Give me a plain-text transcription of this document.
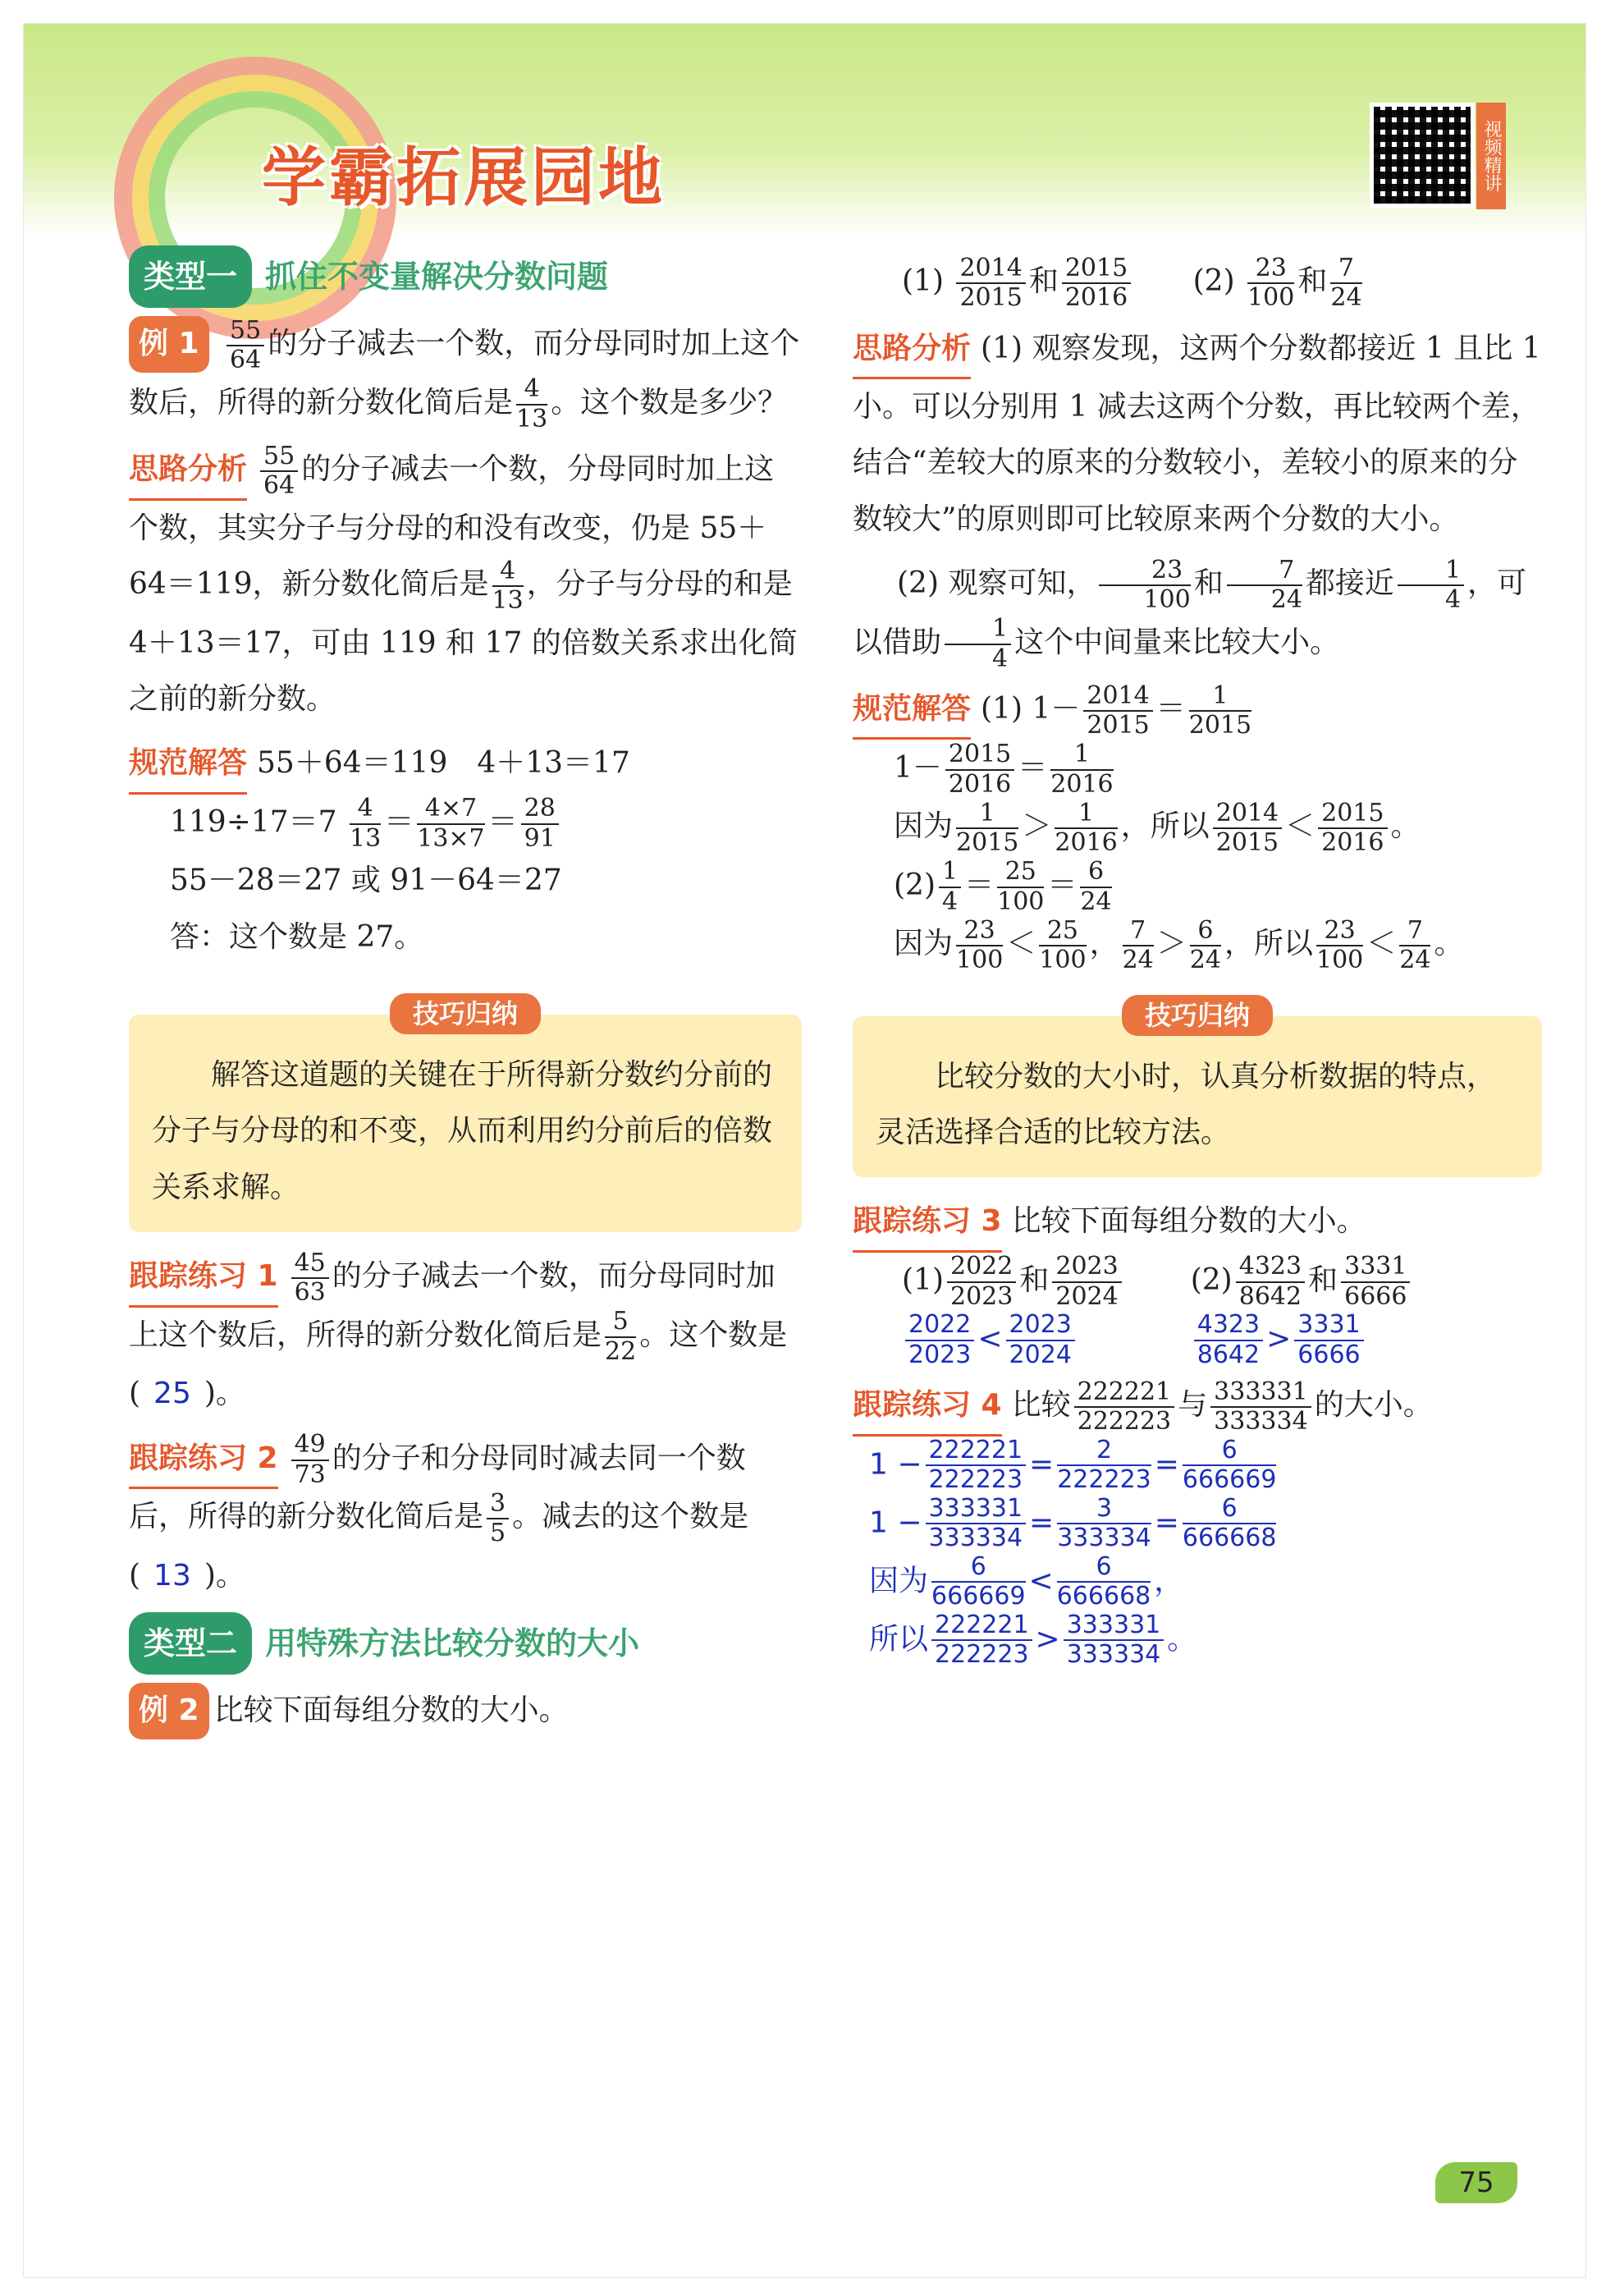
学霸拓展园地	视频精讲
类型一 抓住不变量解决分数问题

例 $1 \frac{55}{64}$ 的分子减去一个数，而分母同时加上这个数后，所得的新分数化简后是 $\frac{4}{13}$ 。这个数是多少？

思路分析 $\frac{55}{64}$ 的分子减去一个数，分母同时加上这个数，其实分子与分母的和没有改变，仍是 55＋64＝119，新分数化简后是 $\frac{4}{13}$ ，分子与分母的和是 4＋13＝17，可由 119 和 17 的倍数关系求出化简之前的新分数。

规范解答 55＋64＝119　4＋13＝17
$119\div 17=7 \frac{4}{13} = \frac{4\times 7}{13\times 7} = \frac{28}{91}$
55－28＝27 或 91－64＝27
答：这个数是 27。
技巧归纳

解答这道题的关键在于所得新分数约分前的分子与分母的和不变，从而利用约分前后的倍数关系求解。

跟踪练习 $1 \frac{45}{63}$ 的分子减去一个数，而分母同时加上这个数后，所得的新分数化简后是 $\frac{5}{22}$ 。这个数是( 25 )。

跟踪练习 $2 \frac{49}{73}$ 的分子和分母同时减去同一个数后，所得的新分数化简后是 $\frac{3}{5}$ 。减去的这个数是( 13 )。

类型二 用特殊方法比较分数的大小

例 2 比较下面每组分数的大小。

$(1) \frac{2014}{2015}$ 和 $\frac{2015}{2016} (2) \frac{23}{100}$ 和 $\frac{7}{24}$

思路分析 (1) 观察发现，这两个分数都接近 1 且比 1 小。可以分别用 1 减去这两个分数，再比较两个差，结合“差较大的原来的分数较小，差较小的原来的分数较大”的原则即可比较原来两个分数的大小。

(2) 观察可知， $\frac{23}{100}$ 和 $\frac{7}{24}$ 都接近 $\frac{1}{4}$ ，可以借助 $\frac{1}{4}$ 这个中间量来比较大小。

规范解答 (1) $1- \frac{2014}{2015} = \frac{1}{2015}$
$1- \frac{2015}{2016} = \frac{1}{2016}$
因为 $\frac{1}{2015} > \frac{1}{2016}$ ，所以 $\frac{2014}{2015} < \frac{2015}{2016}$ 。
$(2) \frac{1}{4} = \frac{25}{100} = \frac{6}{24}$
因为 $\frac{23}{100} < \frac{25}{100}$ ， $\frac{7}{24} > \frac{6}{24}$ ，所以 $\frac{23}{100} < \frac{7}{24}$ 。
技巧归纳

比较分数的大小时，认真分析数据的特点，灵活选择合适的比较方法。

跟踪练习 3 比较下面每组分数的大小。
$(1) \frac{2022}{2023}$ 和 $\frac{2023}{2024}$
$\frac{2022}{2023} < \frac{2023}{2024}$
$(2) \frac{4323}{8642}$ 和 $\frac{3331}{6666}$
$\frac{4323}{8642} > \frac{3331}{6666}$
跟踪练习 4 比较 $\frac{222221}{222223}$ 与 $\frac{333331}{333334}$ 的大小。
$1 - \frac{222221}{222223} = \frac{2}{222223} = \frac{6}{666669}$
$1 - \frac{333331}{333334} = \frac{3}{333334} = \frac{6}{666668}$
因为 $\frac{6}{666669} < \frac{6}{666668}$ ，
所以 $\frac{222221}{222223} > \frac{333331}{333334}$ 。
75
